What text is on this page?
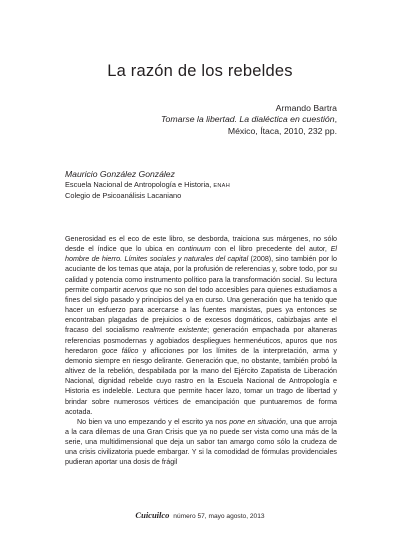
La razón de los rebeldes
Armando Bartra
Tomarse la libertad. La dialéctica en cuestión,
México, Ítaca, 2010, 232 pp.
Mauricio González González
Escuela Nacional de Antropología e Historia, ENAH
Colegio de Psicoanálisis Lacaniano

Generosidad es el eco de este libro, se desborda, traiciona sus márgenes, no sólo desde el índice que lo ubica en continuum con el libro precedente del autor, El hombre de hierro. Límites sociales y naturales del capital (2008), sino también por lo acuciante de los temas que ataja, por la profusión de referencias y, sobre todo, por su calidad y potencia como instrumento político para la transformación social. Su lectura permite compartir acervos que no son del todo accesibles para quienes estudiamos a fines del siglo pasado y principios del ya en curso. Una generación que ha tenido que hacer un esfuerzo para acercarse a las fuentes marxistas, pues ya entonces se encontraban plagadas de prejuicios o de excesos dogmáticos, cabizbajas ante el fracaso del socialismo realmente existente; generación empachada por altaneras referencias posmodernas y agobiados despliegues hermenéuticos, apuros que nos heredaron goce fálico y aflicciones por los límites de la interpretación, arma y demonio siempre en riesgo delirante. Generación que, no obstante, también probó la altivez de la rebelión, despabilada por la mano del Ejército Zapatista de Liberación Nacional, dignidad rebelde cuyo rastro en la Escuela Nacional de Antropología e Historia es indeleble. Lectura que permite hacer lazo, tomar un trago de libertad y brindar sobre numerosos vértices de emancipación que puntuaremos de forma acotada.

No bien va uno empezando y el escrito ya nos pone en situación, una que arroja a la cara dilemas de una Gran Crisis que ya no puede ser vista como una más de la serie, una multidimensional que deja un sabor tan amargo como sólo la crudeza de una crisis civilizatoria puede embargar. Y si la comodidad de fórmulas providenciales pudieran aportar una dosis de frágil

Cuicuilco número 57, mayo agosto, 2013
